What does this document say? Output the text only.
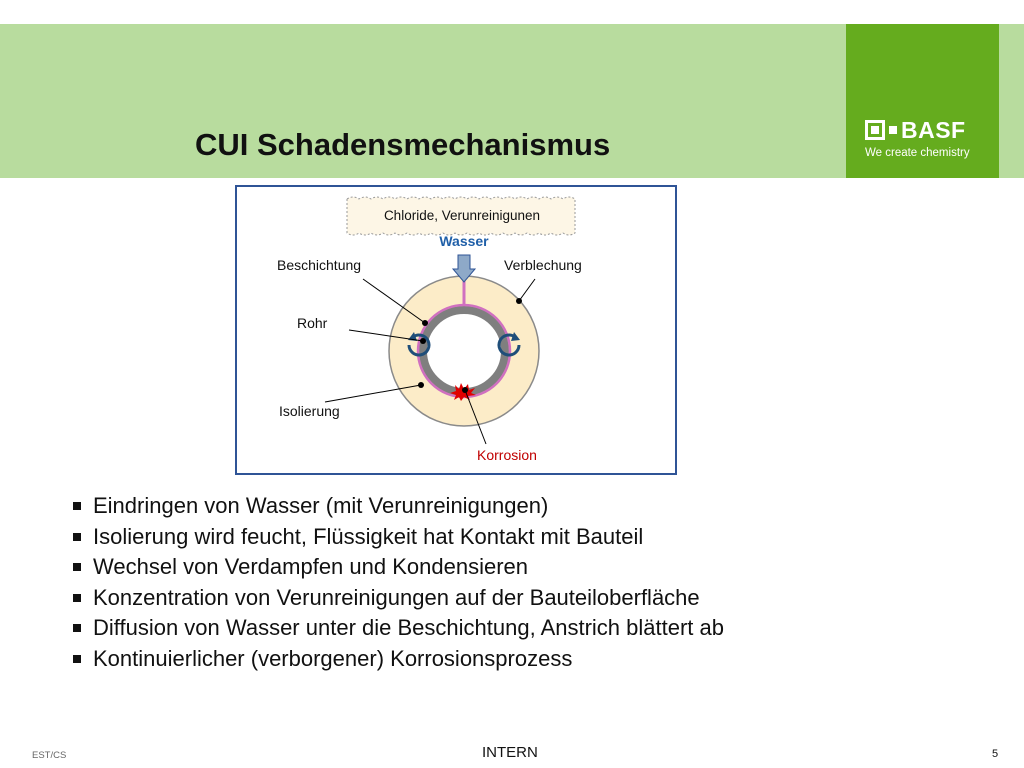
BASF
We create chemistry
CUI Schadensmechanismus
Chloride, Verunreinigunen
Wasser
Beschichtung	Verblechung
Rohr
Isolierung
Korrosion
Eindringen von Wasser (mit Verunreinigungen)
Isolierung wird feucht, Flüssigkeit hat Kontakt mit Bauteil
Wechsel von Verdampfen und Kondensieren
Konzentration von Verunreinigungen auf der Bauteiloberfläche
Diffusion von Wasser unter die Beschichtung, Anstrich blättert ab
Kontinuierlicher (verborgener) Korrosionsprozess
EST/CS	INTERN	5
